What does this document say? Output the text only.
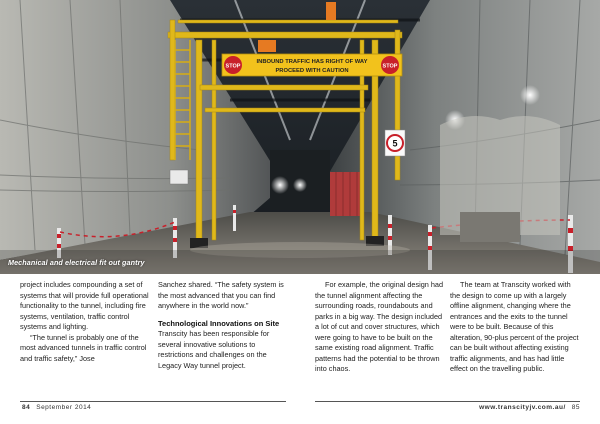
STOP	STOP
INBOUND TRAFFIC HAS RIGHT OF WAY
PROCEED WITH CAUTION
5
Mechanical and electrical fit out gantry

project includes compounding a set of systems that will provide full operational functionality to the tunnel, including fire systems, ventilation, traffic control systems and lighting.

“The tunnel is probably one of the most advanced tunnels in traffic control and traffic safety,” Jose

Sanchez shared. “The safety system is the most advanced that you can find anywhere in the world now.”

Technological Innovations on Site

Transcity has been responsible for several innovative solutions to restrictions and challenges on the Legacy Way tunnel project.

For example, the original design had the tunnel alignment affecting the surrounding roads, roundabouts and parks in a big way. The design included a lot of cut and cover structures, which were going to have to be built on the same existing road alignment. Traffic patterns had the potential to be thrown into chaos.

The team at Transcity worked with the design to come up with a largely offline alignment, changing where the entrances and the exits to the tunnel were to be built. Because of this alteration, 90-plus percent of the project can be built without affecting existing traffic alignments, and has had little effect on the travelling public.

84 September 2014	www.transcityjv.com.au/ 85
